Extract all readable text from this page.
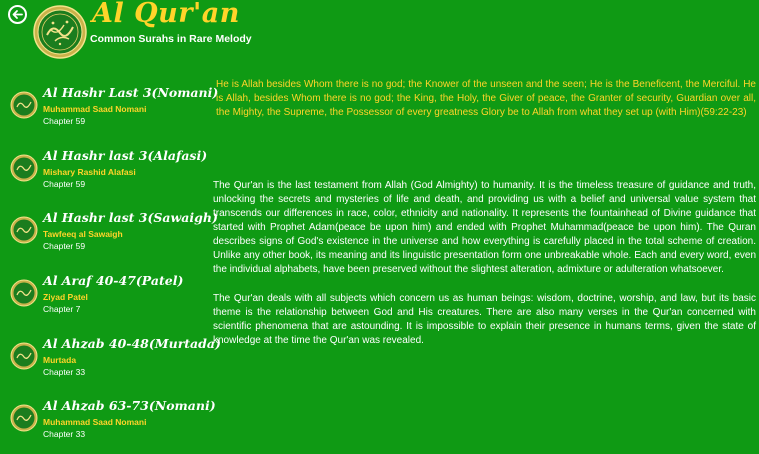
Al Qur'an
Common Surahs in Rare Melody
Al Hashr Last 3(Nomani)
Muhammad Saad Nomani
Chapter 59
Al Hashr last 3(Alafasi)
Mishary Rashid Alafasi
Chapter 59
Al Hashr last 3(Sawaigh)
Tawfeeq al Sawaigh
Chapter 59
Al Araf 40-47(Patel)
Ziyad Patel
Chapter 7
Al Ahzab 40-48(Murtada)
Murtada
Chapter 33
Al Ahzab 63-73(Nomani)
Muhammad Saad Nomani
Chapter 33

He is Allah besides Whom there is no god; the Knower of the unseen and the seen; He is the Beneficent, the Merciful. He is Allah, besides Whom there is no god; the King, the Holy, the Giver of peace, the Granter of security, Guardian over all, the Mighty, the Supreme, the Possessor of every greatness Glory be to Allah from what they set up (with Him)(59:22-23)

The Qur'an is the last testament from Allah (God Almighty) to humanity. It is the timeless treasure of guidance and truth, unlocking the secrets and mysteries of life and death, and providing us with a belief and universal value system that transcends our differences in race, color, ethnicity and nationality. It represents the fountainhead of Divine guidance that started with Prophet Adam(peace be upon him) and ended with Prophet Muhammad(peace be upon him). The Quran describes signs of God's existence in the universe and how everything is carefully placed in the total scheme of creation. Unlike any other book, its meaning and its linguistic presentation form one unbreakable whole. Each and every word, even the individual alphabets, have been preserved without the slightest alteration, admixture or adulteration whatsoever.

The Qur'an deals with all subjects which concern us as human beings: wisdom, doctrine, worship, and law, but its basic theme is the relationship between God and His creatures. There are also many verses in the Qur'an concerned with scientific phenomena that are astounding. It is impossible to explain their presence in humans terms, given the state of knowledge at the time the Qur'an was revealed.
